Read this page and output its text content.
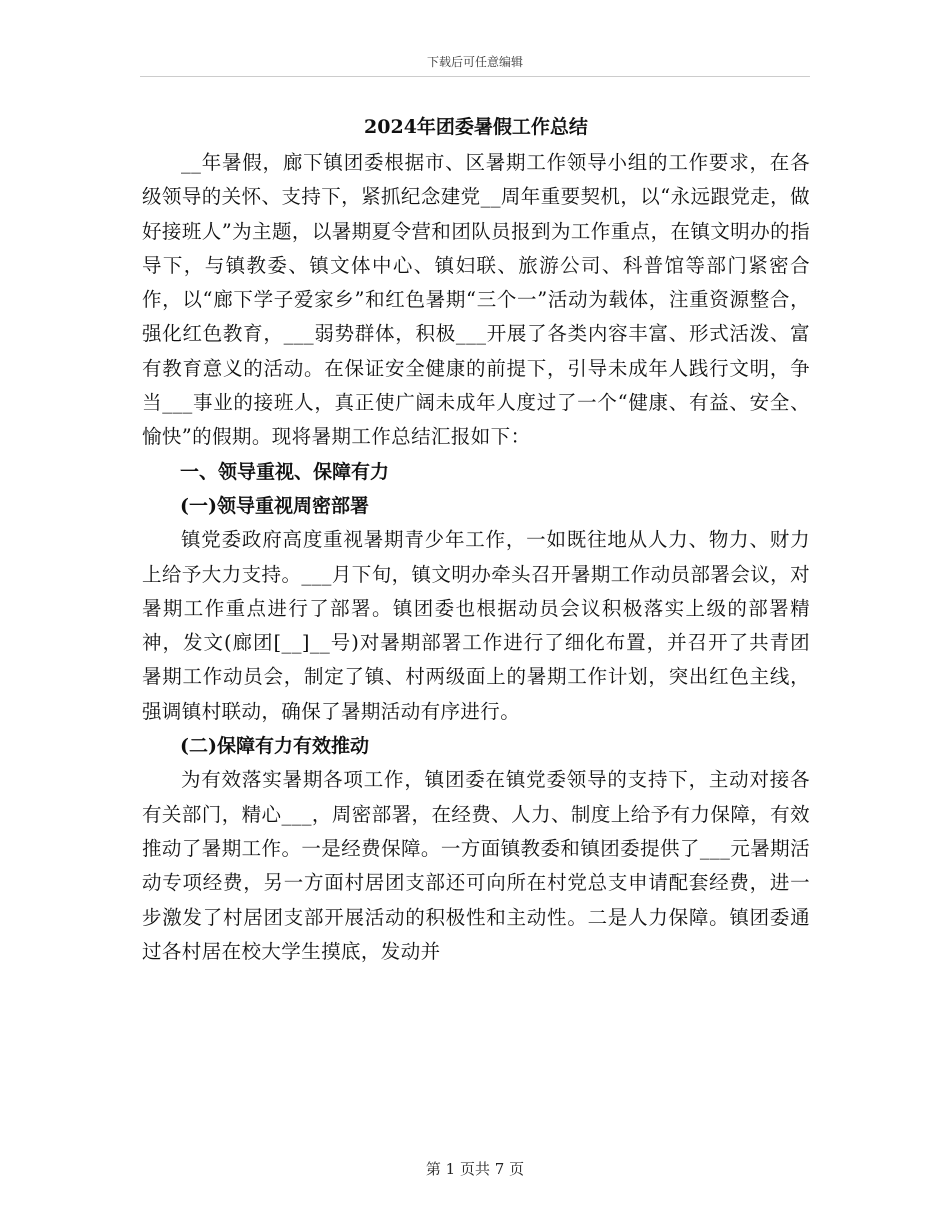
下载后可任意编辑
2024年团委暑假工作总结

__年暑假，廊下镇团委根据市、区暑期工作领导小组的工作要求，在各级领导的关怀、支持下，紧抓纪念建党__周年重要契机，以“永远跟党走，做好接班人”为主题，以暑期夏令营和团队员报到为工作重点，在镇文明办的指导下，与镇教委、镇文体中心、镇妇联、旅游公司、科普馆等部门紧密合作，以“廊下学子爱家乡”和红色暑期“三个一”活动为载体，注重资源整合，强化红色教育，___弱势群体，积极___开展了各类内容丰富、形式活泼、富有教育意义的活动。在保证安全健康的前提下，引导未成年人践行文明，争当___事业的接班人，真正使广阔未成年人度过了一个“健康、有益、安全、愉快”的假期。现将暑期工作总结汇报如下：

一、领导重视、保障有力

(一)领导重视周密部署

镇党委政府高度重视暑期青少年工作，一如既往地从人力、物力、财力上给予大力支持。___月下旬，镇文明办牵头召开暑期工作动员部署会议，对暑期工作重点进行了部署。镇团委也根据动员会议积极落实上级的部署精神，发文(廊团[__]__号)对暑期部署工作进行了细化布置，并召开了共青团暑期工作动员会，制定了镇、村两级面上的暑期工作计划，突出红色主线，强调镇村联动，确保了暑期活动有序进行。

(二)保障有力有效推动

为有效落实暑期各项工作，镇团委在镇党委领导的支持下，主动对接各有关部门，精心___，周密部署，在经费、人力、制度上给予有力保障，有效推动了暑期工作。一是经费保障。一方面镇教委和镇团委提供了___元暑期活动专项经费，另一方面村居团支部还可向所在村党总支申请配套经费，进一步激发了村居团支部开展活动的积极性和主动性。二是人力保障。镇团委通过各村居在校大学生摸底，发动并

第 1 页共 7 页
